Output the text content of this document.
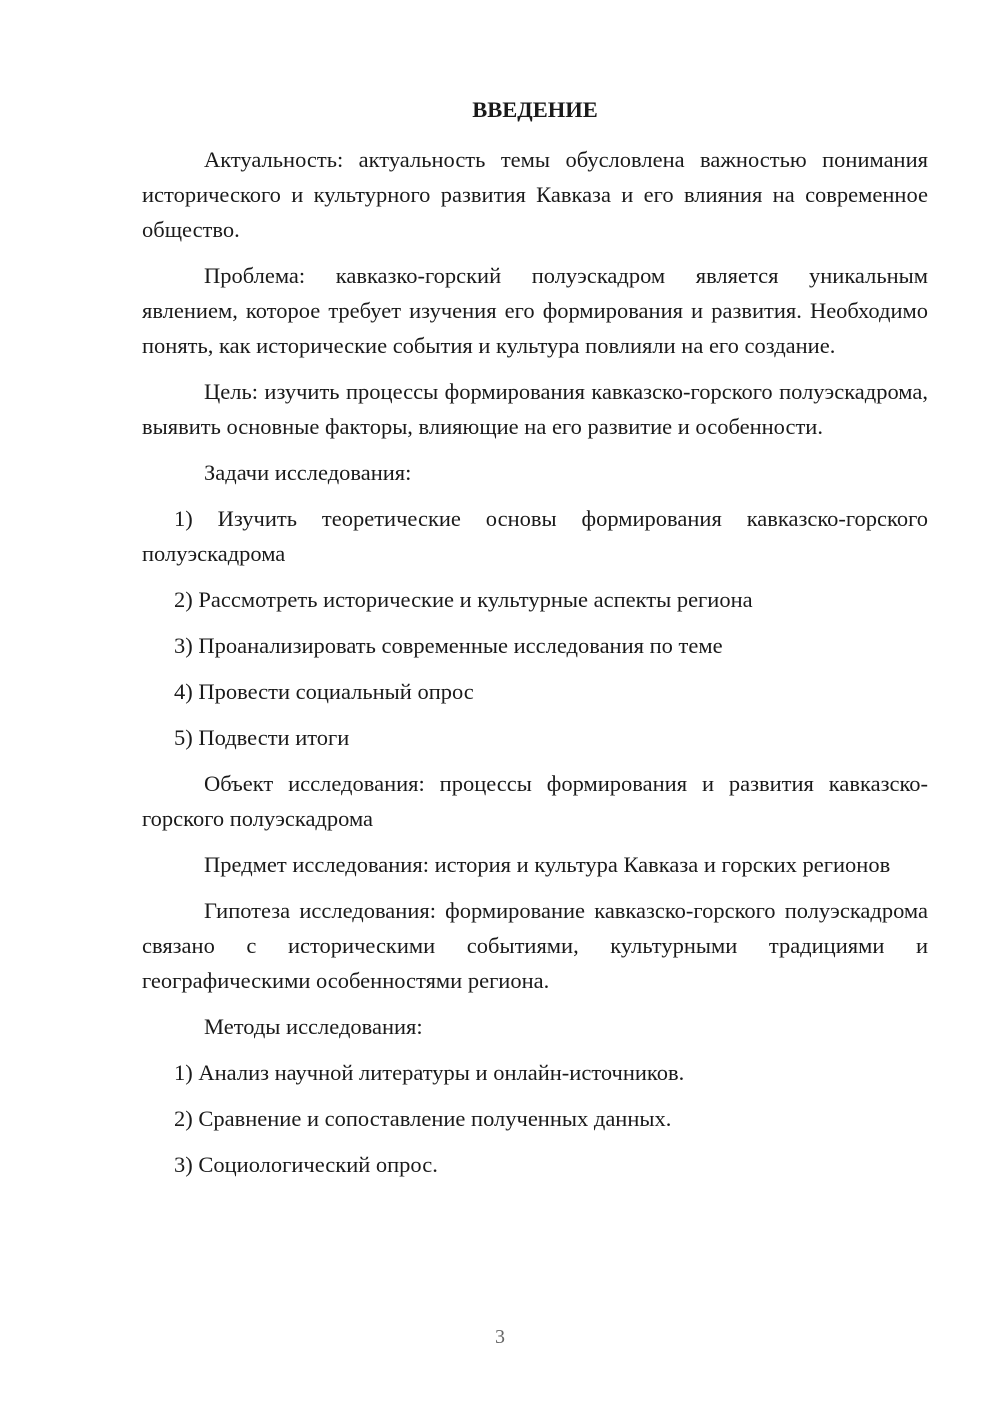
ВВЕДЕНИЕ

Актуальность: актуальность темы обусловлена важностью понимания исторического и культурного развития Кавказа и его влияния на современное общество.

Проблема: кавказко-горский полуэскадром является уникальным явлением, которое требует изучения его формирования и развития. Необходимо понять, как исторические события и культура повлияли на его создание.

Цель: изучить процессы формирования кавказско-горского полуэскадрома, выявить основные факторы, влияющие на его развитие и особенности.

Задачи исследования:

1) Изучить теоретические основы формирования кавказско-горского полуэскадрома

2) Рассмотреть исторические и культурные аспекты региона

3) Проанализировать современные исследования по теме

4) Провести социальный опрос

5) Подвести итоги

Объект исследования: процессы формирования и развития кавказско-горского полуэскадрома

Предмет исследования: история и культура Кавказа и горских регионов

Гипотеза исследования: формирование кавказско-горского полуэскадрома связано с историческими событиями, культурными традициями и географическими особенностями региона.

Методы исследования:

1) Анализ научной литературы и онлайн-источников.

2) Сравнение и сопоставление полученных данных.

3) Социологический опрос.

3
